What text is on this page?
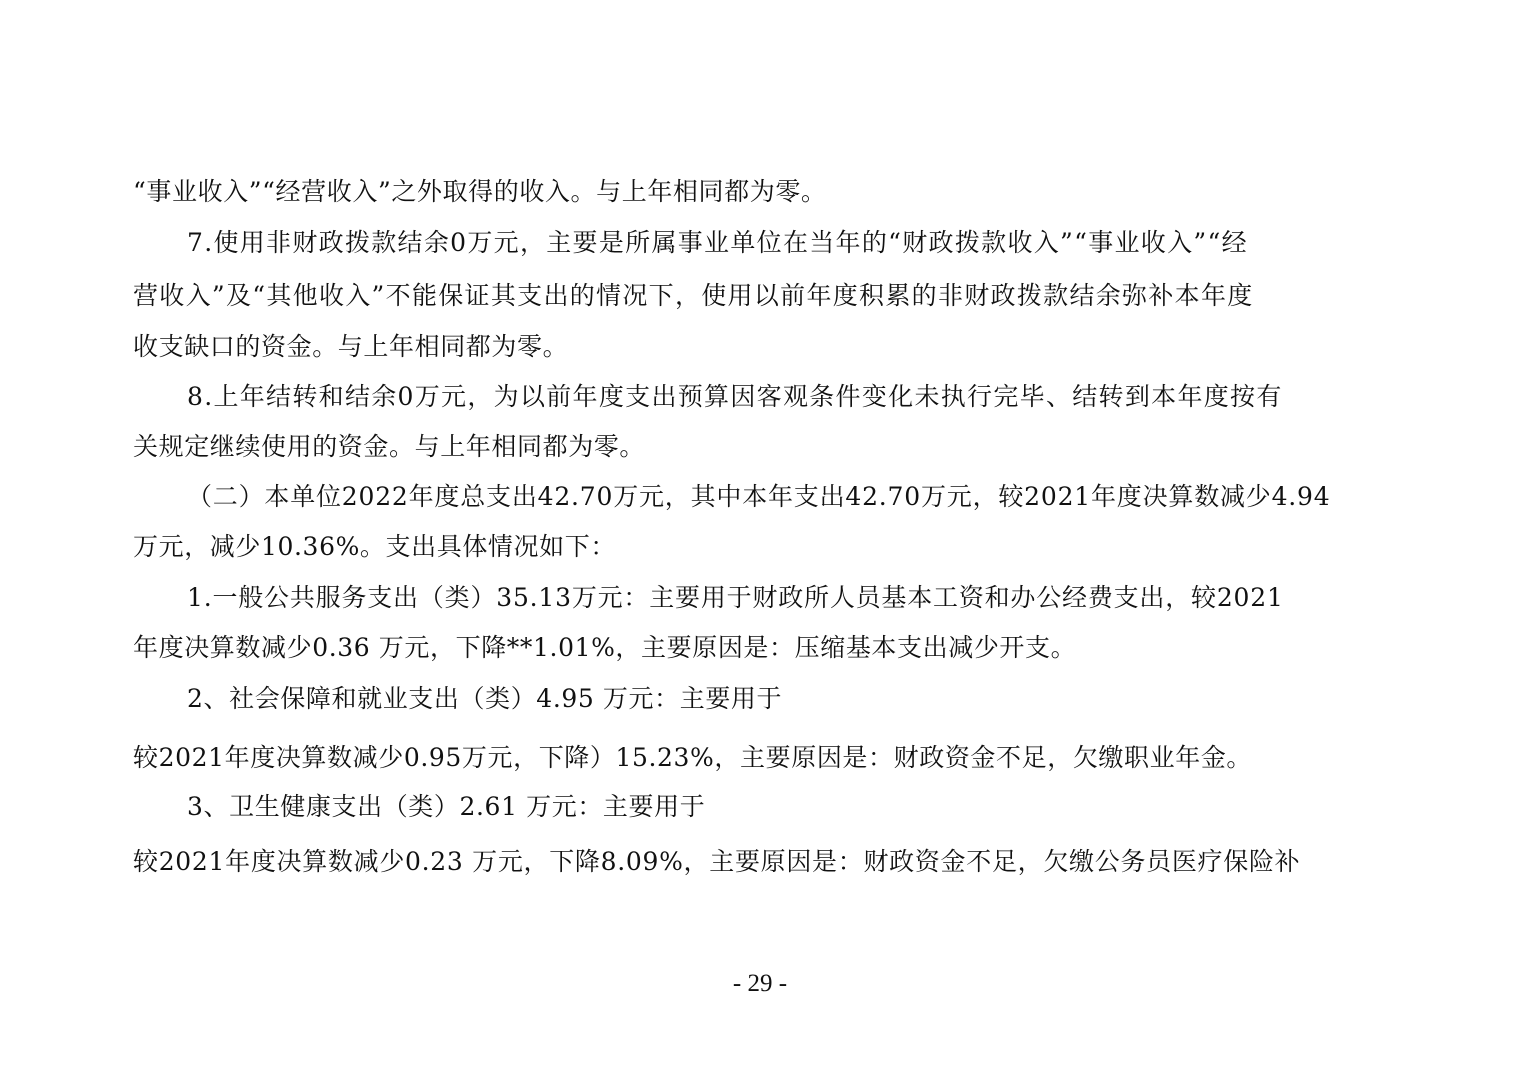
“事业收入”“经营收入”之外取得的收入。与上年相同都为零。
7.使用非财政拨款结余0万元，主要是所属事业单位在当年的“财政拨款收入”“事业收入”“经
营收入”及“其他收入”不能保证其支出的情况下，使用以前年度积累的非财政拨款结余弥补本年度
收支缺口的资金。与上年相同都为零。
8.上年结转和结余0万元，为以前年度支出预算因客观条件变化未执行完毕、结转到本年度按有
关规定继续使用的资金。与上年相同都为零。
（二）本单位2022年度总支出42.70万元，其中本年支出42.70万元，较2021年度决算数减少4.94
万元，减少10.36%。支出具体情况如下：
1.一般公共服务支出（类）35.13万元：主要用于财政所人员基本工资和办公经费支出，较2021
年度决算数减少0.36 万元，下降**1.01%，主要原因是：压缩基本支出减少开支。
2、社会保障和就业支出（类）4.95 万元：主要用于
较2021年度决算数减少0.95万元，下降）15.23%，主要原因是：财政资金不足，欠缴职业年金。
3、卫生健康支出（类）2.61 万元：主要用于
较2021年度决算数减少0.23 万元，下降8.09%，主要原因是：财政资金不足，欠缴公务员医疗保险补
- 29 -
